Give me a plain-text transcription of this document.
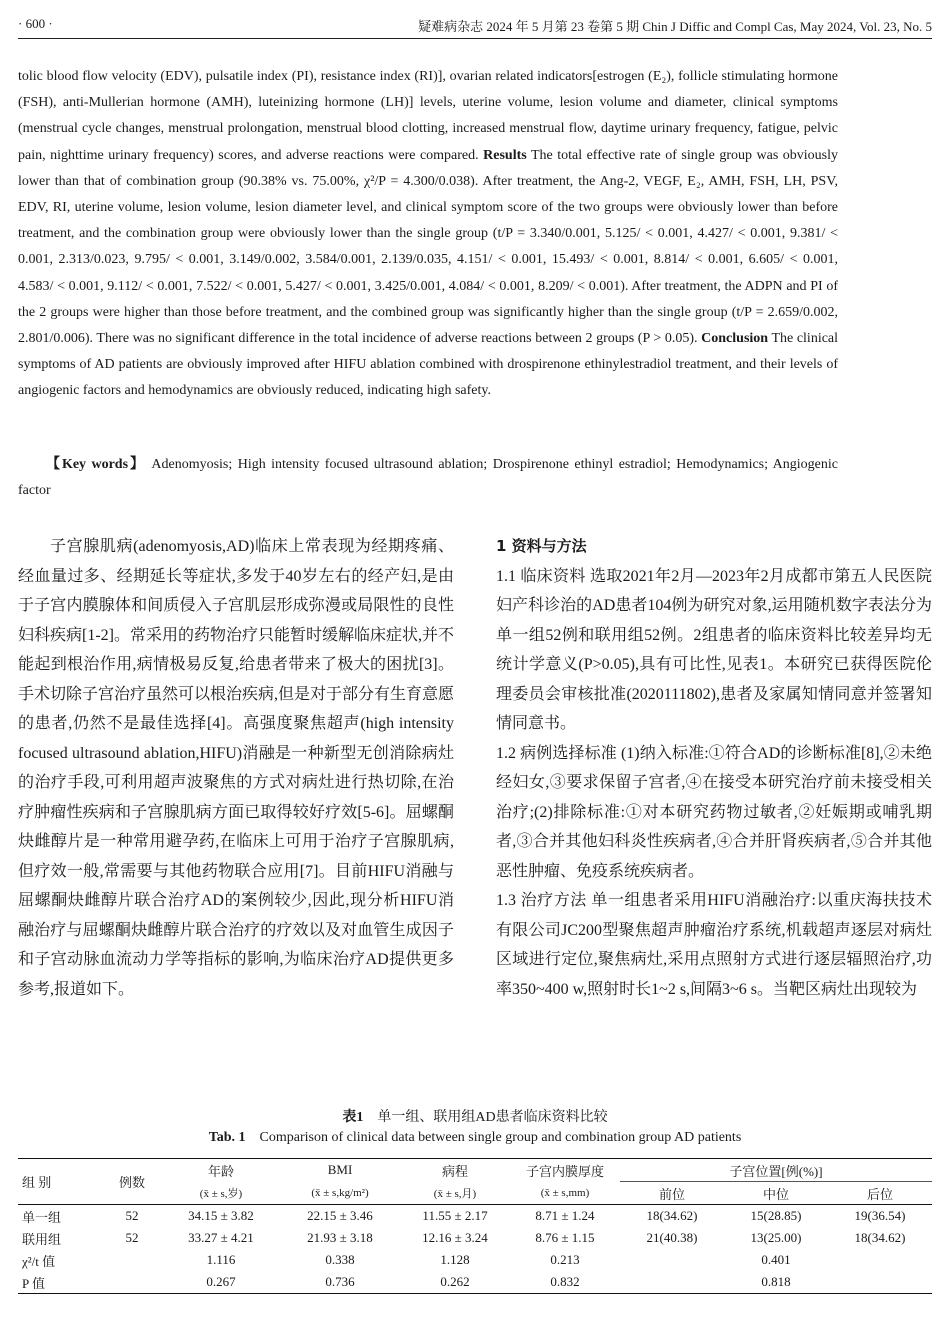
· 600 ·	疑难病杂志 2024 年 5 月第 23 卷第 5 期 Chin J Diffic and Compl Cas, May 2024, Vol. 23, No. 5

tolic blood flow velocity (EDV), pulsatile index (PI), resistance index (RI)], ovarian related indicators[estrogen (E₂), follicle stimulating hormone (FSH), anti-Mullerian hormone (AMH), luteinizing hormone (LH)] levels, uterine volume, lesion volume and diameter, clinical symptoms (menstrual cycle changes, menstrual prolongation, menstrual blood clotting, increased menstrual flow, daytime urinary frequency, fatigue, pelvic pain, nighttime urinary frequency) scores, and adverse reactions were compared. Results The total effective rate of single group was obviously lower than that of combination group (90.38% vs. 75.00%, χ²/P = 4.300/0.038). After treatment, the Ang-2, VEGF, E₂, AMH, FSH, LH, PSV, EDV, RI, uterine volume, lesion volume, lesion diameter level, and clinical symptom score of the two groups were obviously lower than before treatment, and the combination group were obviously lower than the single group (t/P = 3.340/0.001, 5.125/ < 0.001, 4.427/ < 0.001, 9.381/ < 0.001, 2.313/0.023, 9.795/ < 0.001, 3.149/0.002, 3.584/0.001, 2.139/0.035, 4.151/ < 0.001, 15.493/ < 0.001, 8.814/ < 0.001, 6.605/ < 0.001, 4.583/ < 0.001, 9.112/ < 0.001, 7.522/ < 0.001, 5.427/ < 0.001, 3.425/0.001, 4.084/ < 0.001, 8.209/ < 0.001). After treatment, the ADPN and PI of the 2 groups were higher than those before treatment, and the combined group was significantly higher than the single group (t/P = 2.659/0.002, 2.801/0.006). There was no significant difference in the total incidence of adverse reactions between 2 groups (P > 0.05). Conclusion The clinical symptoms of AD patients are obviously improved after HIFU ablation combined with drospirenone ethinylestradiol treatment, and their levels of angiogenic factors and hemodynamics are obviously reduced, indicating high safety.

【Key words】 Adenomyosis; High intensity focused ultrasound ablation; Drospirenone ethinyl estradiol; Hemodynamics; Angiogenic factor

子宫腺肌病(adenomyosis,AD)临床上常表现为经期疼痛、经血量过多、经期延长等症状,多发于40岁左右的经产妇,是由于子宫内膜腺体和间质侵入子宫肌层形成弥漫或局限性的良性妇科疾病[1-2]。常采用的药物治疗只能暂时缓解临床症状,并不能起到根治作用,病情极易反复,给患者带来了极大的困扰[3]。手术切除子宫治疗虽然可以根治疾病,但是对于部分有生育意愿的患者,仍然不是最佳选择[4]。高强度聚焦超声(high intensity focused ultrasound ablation,HIFU)消融是一种新型无创消除病灶的治疗手段,可利用超声波聚焦的方式对病灶进行热切除,在治疗肿瘤性疾病和子宫腺肌病方面已取得较好疗效[5-6]。屈螺酮炔雌醇片是一种常用避孕药,在临床上可用于治疗子宫腺肌病,但疗效一般,常需要与其他药物联合应用[7]。目前HIFU消融与屈螺酮炔雌醇片联合治疗AD的案例较少,因此,现分析HIFU消融治疗与屈螺酮炔雌醇片联合治疗的疗效以及对血管生成因子和子宫动脉血流动力学等指标的影响,为临床治疗AD提供更多参考,报道如下。

1 资料与方法

1.1 临床资料 选取2021年2月—2023年2月成都市第五人民医院妇产科诊治的AD患者104例为研究对象,运用随机数字表法分为单一组52例和联用组52例。2组患者的临床资料比较差异均无统计学意义(P>0.05),具有可比性,见表1。本研究已获得医院伦理委员会审核批准(2020111802),患者及家属知情同意并签署知情同意书。

1.2 病例选择标准 (1)纳入标准:①符合AD的诊断标准[8],②未绝经妇女,③要求保留子宫者,④在接受本研究治疗前未接受相关治疗;(2)排除标准:①对本研究药物过敏者,②妊娠期或哺乳期者,③合并其他妇科炎性疾病者,④合并肝肾疾病者,⑤合并其他恶性肿瘤、免疫系统疾病者。

1.3 治疗方法 单一组患者采用HIFU消融治疗:以重庆海扶技术有限公司JC200型聚焦超声肿瘤治疗系统,机载超声逐层对病灶区域进行定位,聚焦病灶,采用点照射方式进行逐层辐照治疗,功率350~400 w,照射时长1~2 s,间隔3~6 s。当靶区病灶出现较为

表1 单一组、联用组AD患者临床资料比较
Tab. 1 Comparison of clinical data between single group and combination group AD patients
组 别	例数	年龄	BMI	病程	子宫内膜厚度	子宫位置[例(%)]		
		(x̄ ± s,岁)	(x̄ ± s,kg/m²)	(x̄ ± s,月)	(x̄ ± s,mm)	前位	中位	后位
单一组	52	34.15 ± 3.82	22.15 ± 3.46	11.55 ± 2.17	8.71 ± 1.24	18(34.62)	15(28.85)	19(36.54)
联用组	52	33.27 ± 4.21	21.93 ± 3.18	12.16 ± 3.24	8.76 ± 1.15	21(40.38)	13(25.00)	18(34.62)
χ²/t 值		1.116	0.338	1.128	0.213	0.401		
P 值		0.267	0.736	0.262	0.832	0.818		
